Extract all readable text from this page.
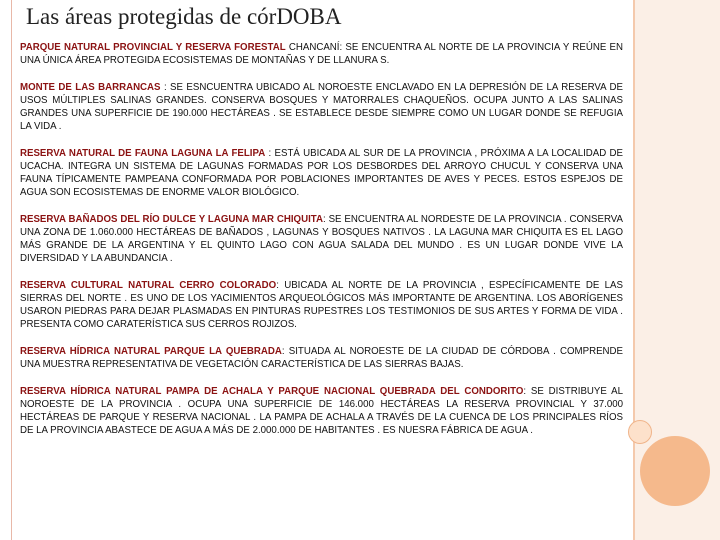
Las áreas protegidas de córDOBA

PARQUE NATURAL PROVINCIAL Y RESERVA FORESTAL CHANCANÍ: SE ENCUENTRA AL NORTE DE LA PROVINCIA Y REÚNE EN UNA ÚNICA ÁREA PROTEGIDA ECOSISTEMAS DE MONTAÑAS Y DE LLANURA S.

MONTE DE LAS BARRANCAS : SE ESNCUENTRA UBICADO AL NOROESTE ENCLAVADO EN LA DEPRESIÓN DE LA RESERVA DE USOS MÚLTIPLES SALINAS GRANDES. CONSERVA BOSQUES Y MATORRALES CHAQUEÑOS. OCUPA JUNTO A LAS SALINAS GRANDES UNA SUPERFICIE DE 190.000 HECTÁREAS . SE ESTABLECE DESDE SIEMPRE COMO UN LUGAR DONDE SE REFUGIA LA VIDA .

RESERVA NATURAL DE FAUNA LAGUNA LA FELIPA : ESTÁ UBICADA AL SUR DE LA PROVINCIA , PRÓXIMA A LA LOCALIDAD DE UCACHA. INTEGRA UN SISTEMA DE LAGUNAS FORMADAS POR LOS DESBORDES DEL ARROYO CHUCUL Y CONSERVA UNA FAUNA TÍPICAMENTE PAMPEANA CONFORMADA POR POBLACIONES IMPORTANTES DE AVES Y PECES. ESTOS ESPEJOS DE AGUA SON ECOSISTEMAS DE ENORME VALOR BIOLÓGICO.

RESERVA BAÑADOS DEL RÍO DULCE Y LAGUNA MAR CHIQUITA: SE ENCUENTRA AL NORDESTE DE LA PROVINCIA . CONSERVA UNA ZONA DE 1.060.000 HECTÁREAS DE BAÑADOS , LAGUNAS Y BOSQUES NATIVOS . LA LAGUNA MAR CHIQUITA ES EL LAGO MÁS GRANDE DE LA ARGENTINA Y EL QUINTO LAGO CON AGUA SALADA DEL MUNDO . ES UN LUGAR DONDE VIVE LA DIVERSIDAD Y LA ABUNDANCIA .

RESERVA CULTURAL NATURAL CERRO COLORADO: UBICADA AL NORTE DE LA PROVINCIA , ESPECÍFICAMENTE DE LAS SIERRAS DEL NORTE . ES UNO DE LOS YACIMIENTOS ARQUEOLÓGICOS MÁS IMPORTANTE DE ARGENTINA. LOS ABORÍGENES USARON PIEDRAS PARA DEJAR PLASMADAS EN PINTURAS RUPESTRES LOS TESTIMONIOS DE SUS ARTES Y FORMA DE VIDA . PRESENTA COMO CARATERÍSTICA SUS CERROS ROJIZOS.

RESERVA HÍDRICA NATURAL PARQUE LA QUEBRADA: SITUADA AL NOROESTE DE LA CIUDAD DE CÓRDOBA . COMPRENDE UNA MUESTRA REPRESENTATIVA DE VEGETACIÓN CARACTERÍSTICA DE LAS SIERRAS BAJAS.

RESERVA HÍDRICA NATURAL PAMPA DE ACHALA Y PARQUE NACIONAL QUEBRADA DEL CONDORITO: SE DISTRIBUYE AL NOROESTE DE LA PROVINCIA . OCUPA UNA SUPERFICIE DE 146.000 HECTÁREAS LA RESERVA PROVINCIAL Y 37.000 HECTÁREAS DE PARQUE Y RESERVA NACIONAL . LA PAMPA DE ACHALA A TRAVÉS DE LA CUENCA DE LOS PRINCIPALES RÍOS DE LA PROVINCIA ABASTECE DE AGUA A MÁS DE 2.000.000 DE HABITANTES . ES NUESRA FÁBRICA DE AGUA .
